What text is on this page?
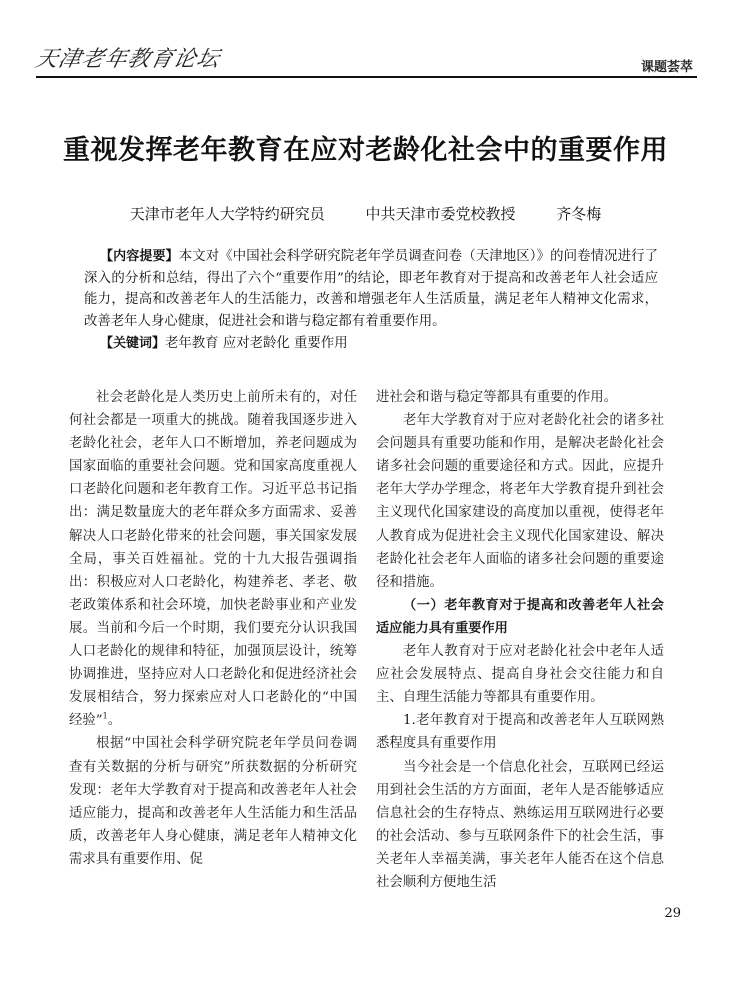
天津老年教育论坛	课题荟萃
重视发挥老年教育在应对老龄化社会中的重要作用
天津市老年人大学特约研究员	中共天津市委党校教授	齐冬梅

【内容提要】本文对《中国社会科学研究院老年学员调查问卷（天津地区）》的问卷情况进行了深入的分析和总结，得出了六个“重要作用”的结论，即老年教育对于提高和改善老年人社会适应能力，提高和改善老年人的生活能力，改善和增强老年人生活质量，满足老年人精神文化需求，改善老年人身心健康，促进社会和谐与稳定都有着重要作用。

【关键词】老年教育 应对老龄化 重要作用

社会老龄化是人类历史上前所未有的，对任何社会都是一项重大的挑战。随着我国逐步进入老龄化社会，老年人口不断增加，养老问题成为国家面临的重要社会问题。党和国家高度重视人口老龄化问题和老年教育工作。习近平总书记指出：满足数量庞大的老年群众多方面需求、妥善解决人口老龄化带来的社会问题，事关国家发展全局，事关百姓福祉。党的十九大报告强调指出：积极应对人口老龄化，构建养老、孝老、敬老政策体系和社会环境，加快老龄事业和产业发展。当前和今后一个时期，我们要充分认识我国人口老龄化的规律和特征，加强顶层设计，统筹协调推进，坚持应对人口老龄化和促进经济社会发展相结合，努力探索应对人口老龄化的“中国经验”$^1$。

根据“中国社会科学研究院老年学员问卷调查有关数据的分析与研究”所获数据的分析研究发现：老年大学教育对于提高和改善老年人社会适应能力，提高和改善老年人生活能力和生活品质，改善老年人身心健康，满足老年人精神文化需求具有重要作用、促

进社会和谐与稳定等都具有重要的作用。

老年大学教育对于应对老龄化社会的诸多社会问题具有重要功能和作用，是解决老龄化社会诸多社会问题的重要途径和方式。因此，应提升老年大学办学理念，将老年大学教育提升到社会主义现代化国家建设的高度加以重视，使得老年人教育成为促进社会主义现代化国家建设、解决老龄化社会老年人面临的诸多社会问题的重要途径和措施。

（一）老年教育对于提高和改善老年人社会适应能力具有重要作用

老年人教育对于应对老龄化社会中老年人适应社会发展特点、提高自身社会交往能力和自主、自理生活能力等都具有重要作用。

1.老年教育对于提高和改善老年人互联网熟悉程度具有重要作用

当今社会是一个信息化社会，互联网已经运用到社会生活的方方面面，老年人是否能够适应信息社会的生存特点、熟练运用互联网进行必要的社会活动、参与互联网条件下的社会生活，事关老年人幸福美满，事关老年人能否在这个信息社会顺利方便地生活

29
